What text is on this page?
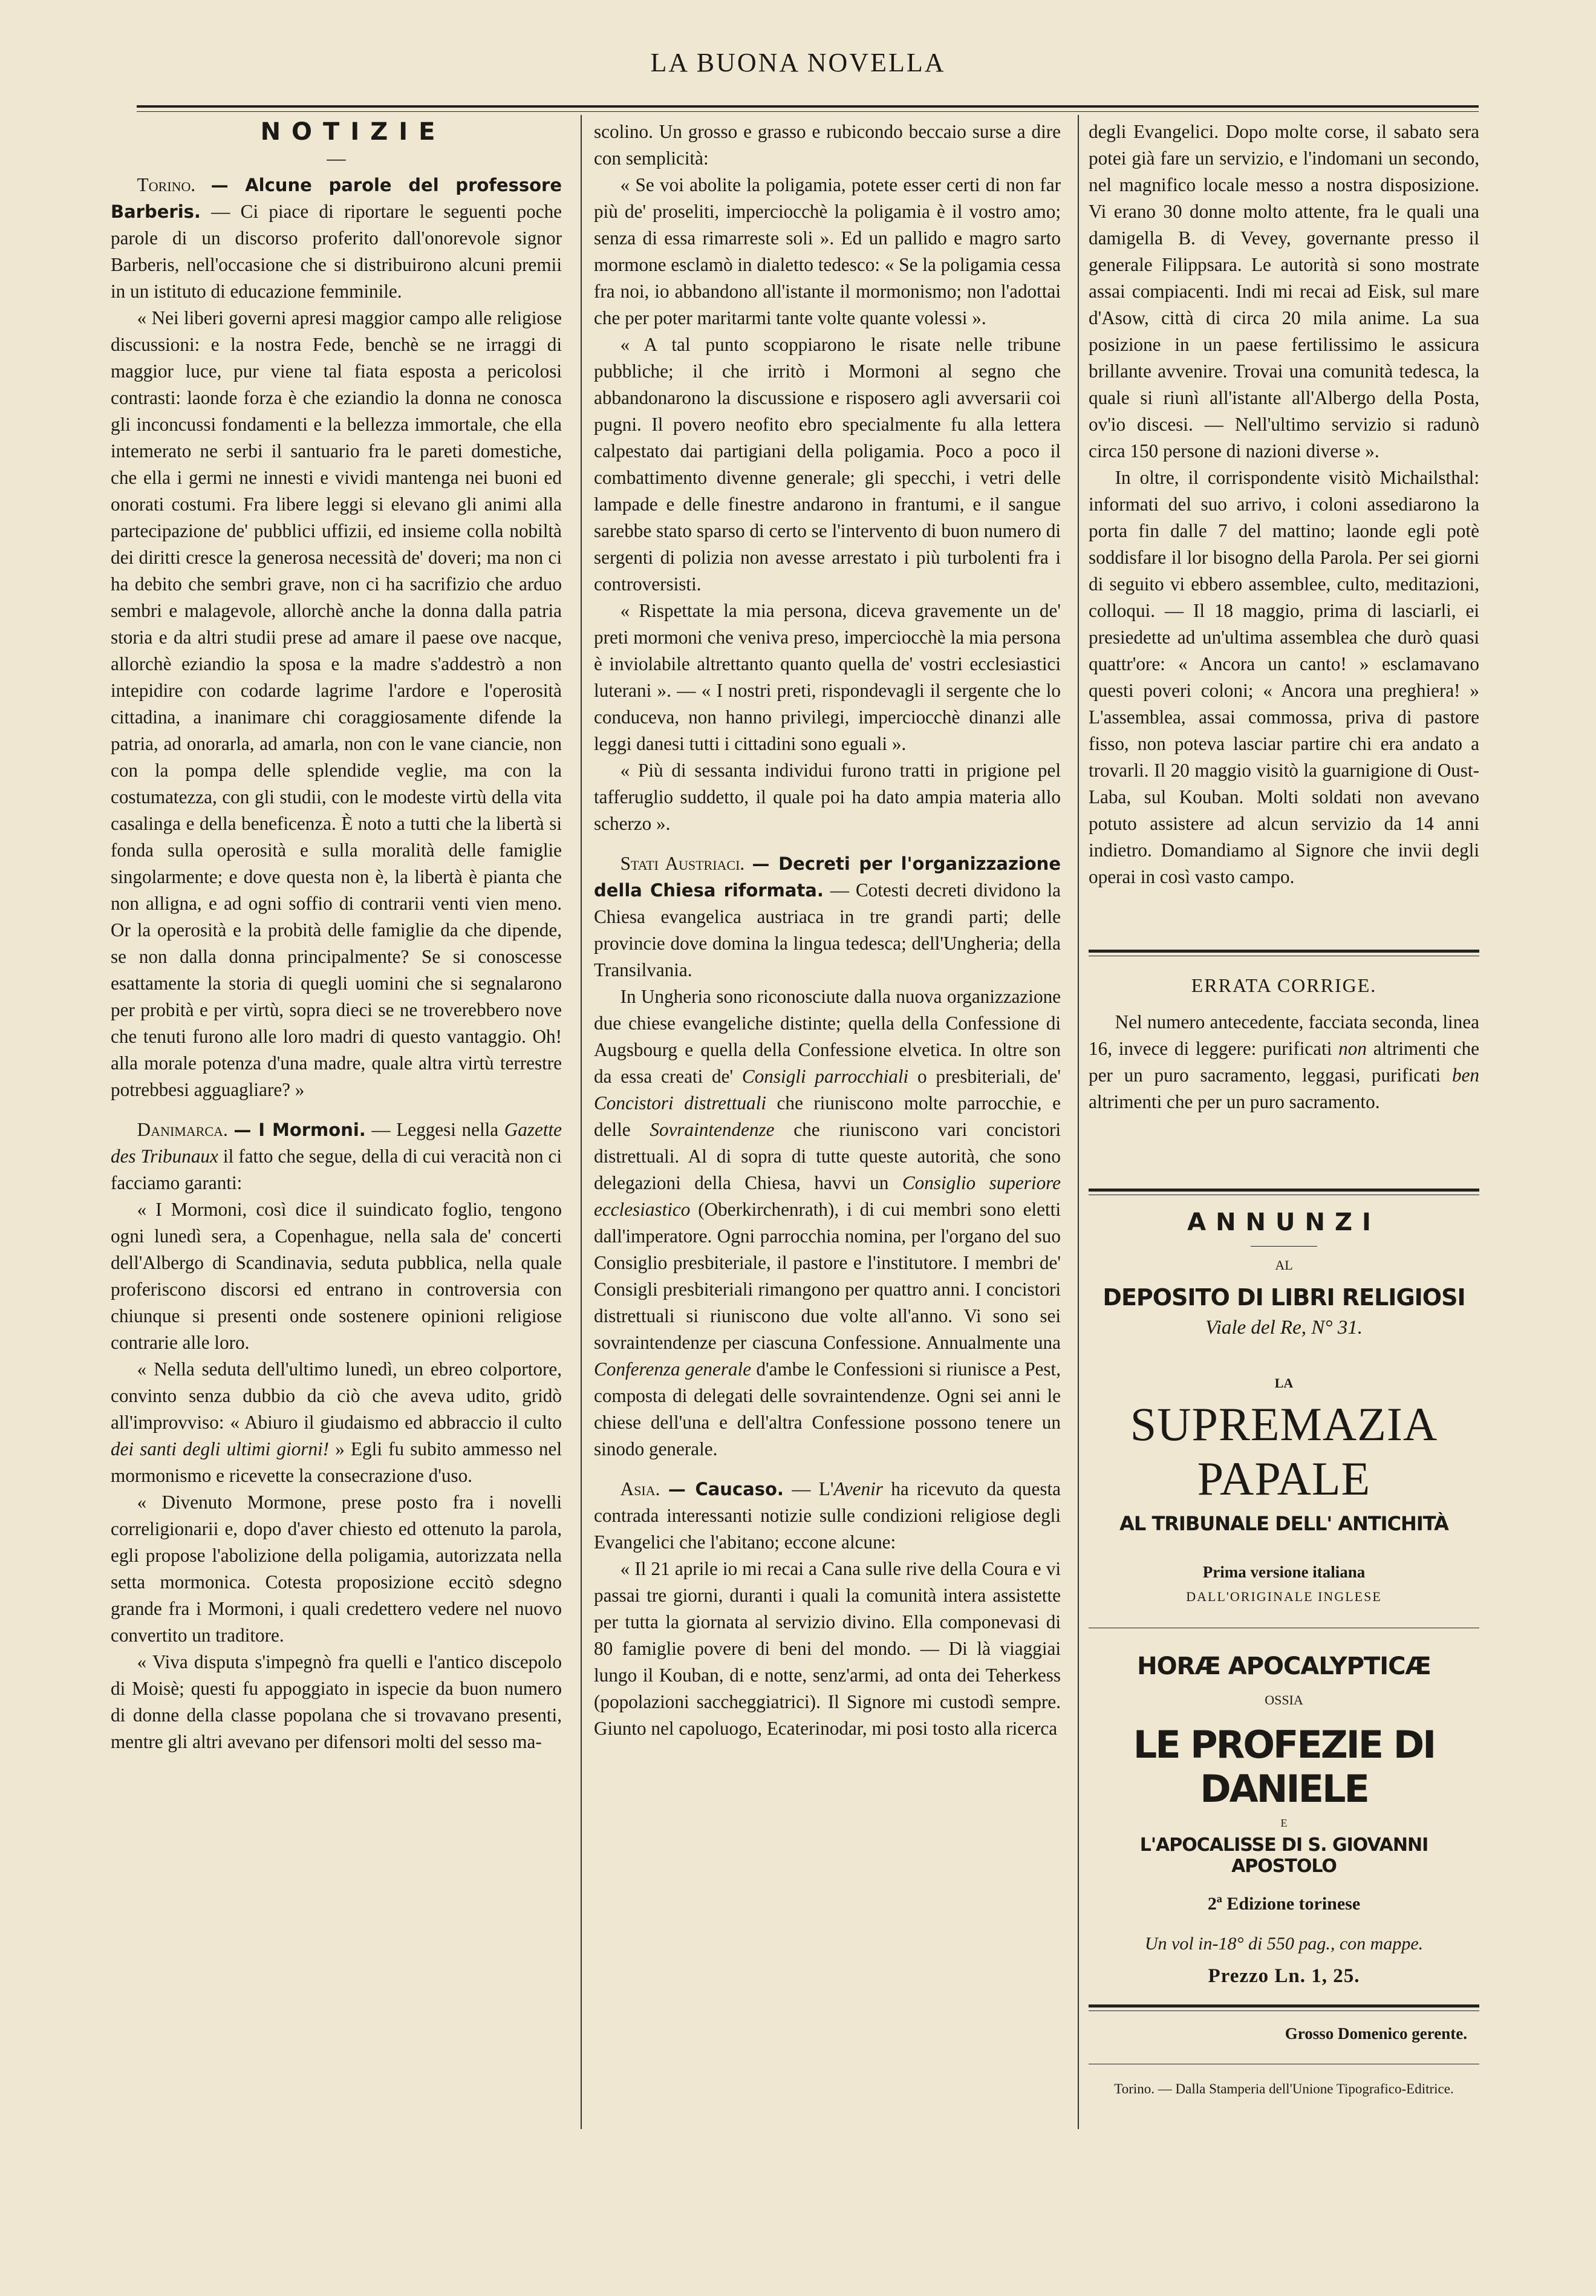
LA BUONA NOVELLA

NOTIZIE

—

Torino. — Alcune parole del professore Barberis. — Ci piace di riportare le seguenti poche parole di un discorso proferito dall'onorevole signor Barberis, nell'occasione che si distribuirono alcuni premii in un istituto di educazione femminile.

« Nei liberi governi apresi maggior campo alle religiose discussioni: e la nostra Fede, benchè se ne irraggi di maggior luce, pur viene tal fiata esposta a pericolosi contrasti: laonde forza è che eziandio la donna ne conosca gli inconcussi fondamenti e la bellezza immortale, che ella intemerato ne serbi il santuario fra le pareti domestiche, che ella i germi ne innesti e vividi mantenga nei buoni ed onorati costumi. Fra libere leggi si elevano gli animi alla partecipazione de' pubblici uffizii, ed insieme colla nobiltà dei diritti cresce la generosa necessità de' doveri; ma non ci ha debito che sembri grave, non ci ha sacrifizio che arduo sembri e malagevole, allorchè anche la donna dalla patria storia e da altri studii prese ad amare il paese ove nacque, allorchè eziandio la sposa e la madre s'addestrò a non intepidire con codarde lagrime l'ardore e l'operosità cittadina, a inanimare chi coraggiosamente difende la patria, ad onorarla, ad amarla, non con le vane ciancie, non con la pompa delle splendide veglie, ma con la costumatezza, con gli studii, con le modeste virtù della vita casalinga e della beneficenza. È noto a tutti che la libertà si fonda sulla operosità e sulla moralità delle famiglie singolarmente; e dove questa non è, la libertà è pianta che non alligna, e ad ogni soffio di contrarii venti vien meno. Or la operosità e la probità delle famiglie da che dipende, se non dalla donna principalmente? Se si conoscesse esattamente la storia di quegli uomini che si segnalarono per probità e per virtù, sopra dieci se ne troverebbero nove che tenuti furono alle loro madri di questo vantaggio. Oh! alla morale potenza d'una madre, quale altra virtù terrestre potrebbesi agguagliare? »

Danimarca. — I Mormoni. — Leggesi nella Gazette des Tribunaux il fatto che segue, della di cui veracità non ci facciamo garanti:

« I Mormoni, così dice il suindicato foglio, tengono ogni lunedì sera, a Copenhague, nella sala de' concerti dell'Albergo di Scandinavia, seduta pubblica, nella quale proferiscono discorsi ed entrano in controversia con chiunque si presenti onde sostenere opinioni religiose contrarie alle loro.

« Nella seduta dell'ultimo lunedì, un ebreo colportore, convinto senza dubbio da ciò che aveva udito, gridò all'improvviso: « Abiuro il giudaismo ed abbraccio il culto dei santi degli ultimi giorni! » Egli fu subito ammesso nel mormonismo e ricevette la consecrazione d'uso.

« Divenuto Mormone, prese posto fra i novelli correligionarii e, dopo d'aver chiesto ed ottenuto la parola, egli propose l'abolizione della poligamia, autorizzata nella setta mormonica. Cotesta proposizione eccitò sdegno grande fra i Mormoni, i quali credettero vedere nel nuovo convertito un traditore.

« Viva disputa s'impegnò fra quelli e l'antico discepolo di Moisè; questi fu appoggiato in ispecie da buon numero di donne della classe popolana che si trovavano presenti, mentre gli altri avevano per difensori molti del sesso ma-

scolino. Un grosso e grasso e rubicondo beccaio surse a dire con semplicità:

« Se voi abolite la poligamia, potete esser certi di non far più de' proseliti, imperciocchè la poligamia è il vostro amo; senza di essa rimarreste soli ». Ed un pallido e magro sarto mormone esclamò in dialetto tedesco: « Se la poligamia cessa fra noi, io abbandono all'istante il mormonismo; non l'adottai che per poter maritarmi tante volte quante volessi ».

« A tal punto scoppiarono le risate nelle tribune pubbliche; il che irritò i Mormoni al segno che abbandonarono la discussione e risposero agli avversarii coi pugni. Il povero neofito ebro specialmente fu alla lettera calpestato dai partigiani della poligamia. Poco a poco il combattimento divenne generale; gli specchi, i vetri delle lampade e delle finestre andarono in frantumi, e il sangue sarebbe stato sparso di certo se l'intervento di buon numero di sergenti di polizia non avesse arrestato i più turbolenti fra i controversisti.

« Rispettate la mia persona, diceva gravemente un de' preti mormoni che veniva preso, imperciocchè la mia persona è inviolabile altrettanto quanto quella de' vostri ecclesiastici luterani ». — « I nostri preti, rispondevagli il sergente che lo conduceva, non hanno privilegi, imperciocchè dinanzi alle leggi danesi tutti i cittadini sono eguali ».

« Più di sessanta individui furono tratti in prigione pel tafferuglio suddetto, il quale poi ha dato ampia materia allo scherzo ».

Stati Austriaci. — Decreti per l'organizzazione della Chiesa riformata. — Cotesti decreti dividono la Chiesa evangelica austriaca in tre grandi parti; delle provincie dove domina la lingua tedesca; dell'Ungheria; della Transilvania.

In Ungheria sono riconosciute dalla nuova organizzazione due chiese evangeliche distinte; quella della Confessione di Augsbourg e quella della Confessione elvetica. In oltre son da essa creati de' Consigli parrocchiali o presbiteriali, de' Concistori distrettuali che riuniscono molte parrocchie, e delle Sovraintendenze che riuniscono vari concistori distrettuali. Al di sopra di tutte queste autorità, che sono delegazioni della Chiesa, havvi un Consiglio superiore ecclesiastico (Oberkirchenrath), i di cui membri sono eletti dall'imperatore. Ogni parrocchia nomina, per l'organo del suo Consiglio presbiteriale, il pastore e l'institutore. I membri de' Consigli presbiteriali rimangono per quattro anni. I concistori distrettuali si riuniscono due volte all'anno. Vi sono sei sovraintendenze per ciascuna Confessione. Annualmente una Conferenza generale d'ambe le Confessioni si riunisce a Pest, composta di delegati delle sovraintendenze. Ogni sei anni le chiese dell'una e dell'altra Confessione possono tenere un sinodo generale.

Asia. — Caucaso. — L'Avenir ha ricevuto da questa contrada interessanti notizie sulle condizioni religiose degli Evangelici che l'abitano; eccone alcune:

« Il 21 aprile io mi recai a Cana sulle rive della Coura e vi passai tre giorni, duranti i quali la comunità intera assistette per tutta la giornata al servizio divino. Ella componevasi di 80 famiglie povere di beni del mondo. — Di là viaggiai lungo il Kouban, di e notte, senz'armi, ad onta dei Teherkess (popolazioni saccheggiatrici). Il Signore mi custodì sempre. Giunto nel capoluogo, Ecaterinodar, mi posi tosto alla ricerca

degli Evangelici. Dopo molte corse, il sabato sera potei già fare un servizio, e l'indomani un secondo, nel magnifico locale messo a nostra disposizione. Vi erano 30 donne molto attente, fra le quali una damigella B. di Vevey, governante presso il generale Filippsara. Le autorità si sono mostrate assai compiacenti. Indi mi recai ad Eisk, sul mare d'Asow, città di circa 20 mila anime. La sua posizione in un paese fertilissimo le assicura brillante avvenire. Trovai una comunità tedesca, la quale si riunì all'istante all'Albergo della Posta, ov'io discesi. — Nell'ultimo servizio si radunò circa 150 persone di nazioni diverse ».

In oltre, il corrispondente visitò Michailsthal: informati del suo arrivo, i coloni assediarono la porta fin dalle 7 del mattino; laonde egli potè soddisfare il lor bisogno della Parola. Per sei giorni di seguito vi ebbero assemblee, culto, meditazioni, colloqui. — Il 18 maggio, prima di lasciarli, ei presiedette ad un'ultima assemblea che durò quasi quattr'ore: « Ancora un canto! » esclamavano questi poveri coloni; « Ancora una preghiera! » L'assemblea, assai commossa, priva di pastore fisso, non poteva lasciar partire chi era andato a trovarli. Il 20 maggio visitò la guarnigione di Oust-Laba, sul Kouban. Molti soldati non avevano potuto assistere ad alcun servizio da 14 anni indietro. Domandiamo al Signore che invii degli operai in così vasto campo.

ERRATA CORRIGE.
Nel numero antecedente, facciata seconda, linea 16, invece di leggere: purificati non altrimenti che per un puro sacramento, leggasi, purificati ben altrimenti che per un puro sacramento.
ANNUNZI
AL
DEPOSITO DI LIBRI RELIGIOSI
Viale del Re, N° 31.
LA
SUPREMAZIA PAPALE
AL TRIBUNALE DELL' ANTICHITÀ
Prima versione italiana
DALL'ORIGINALE INGLESE
HORÆ APOCALYPTICÆ
OSSIA
LE PROFEZIE DI DANIELE
E
L'APOCALISSE DI S. GIOVANNI APOSTOLO
2ª Edizione torinese
Un vol in-18° di 550 pag., con mappe.
Prezzo Ln. 1, 25.
Grosso Domenico gerente.
Torino. — Dalla Stamperia dell'Unione Tipografico-Editrice.
